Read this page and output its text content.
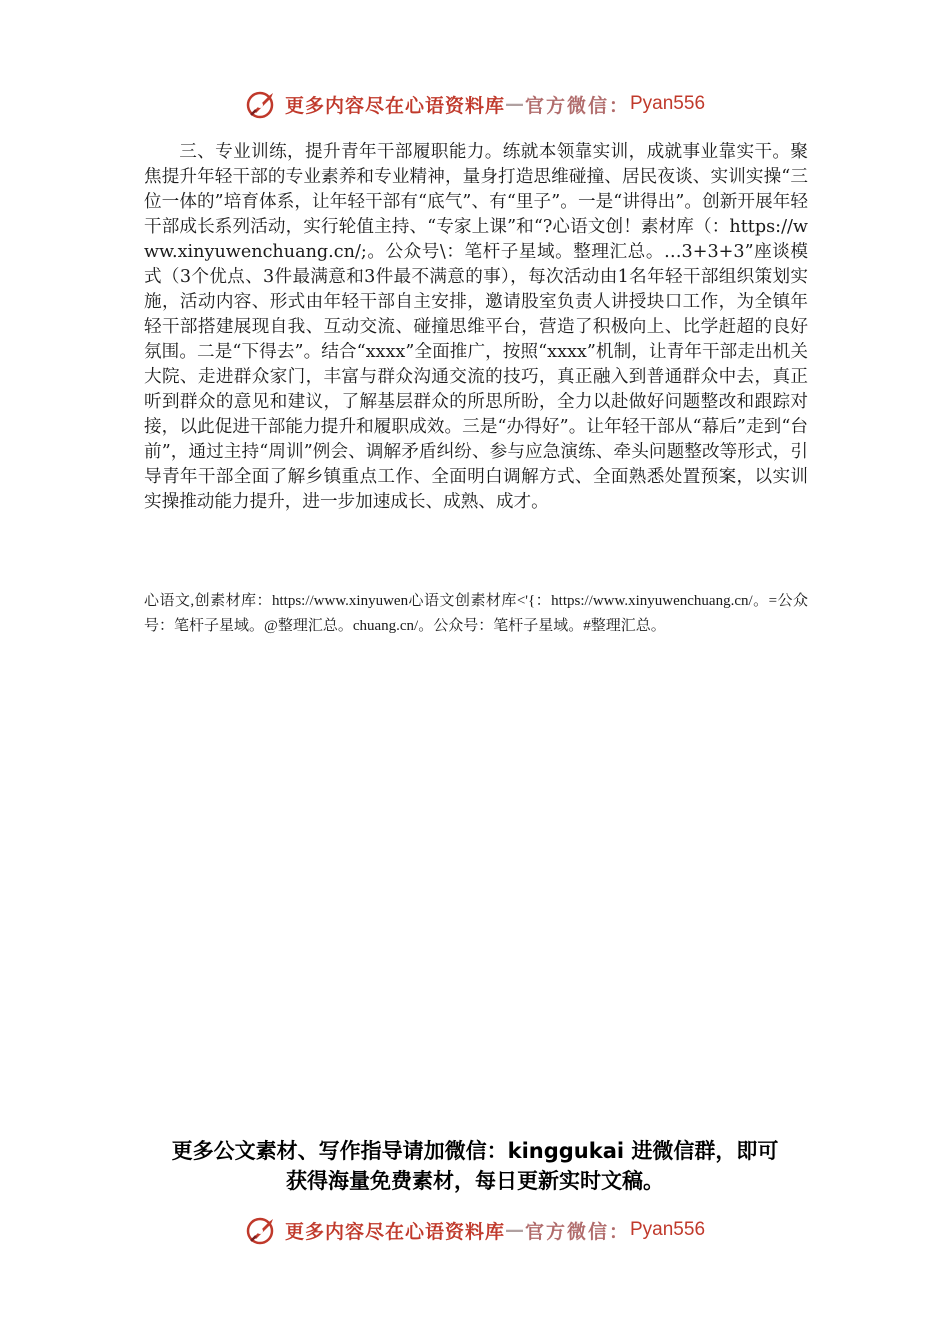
更多内容尽在心语资料库 — 官方微信： Pyan556

三、专业训练，提升青年干部履职能力。练就本领靠实训，成就事业靠实干。聚焦提升年轻干部的专业素养和专业精神，量身打造思维碰撞、居民夜谈、实训实操“三位一体的”培育体系，让年轻干部有“底气”、有“里子”。一是“讲得出”。创新开展年轻干部成长系列活动，实行轮值主持、“专家上课”和“?心语文创！素材库（：https://www.xinyuwenchuang.cn/;。公众号\：笔杆子星域。整理汇总。…3+3+3”座谈模式（3个优点、3件最满意和3件最不满意的事），每次活动由1名年轻干部组织策划实施，活动内容、形式由年轻干部自主安排，邀请股室负责人讲授块口工作，为全镇年轻干部搭建展现自我、互动交流、碰撞思维平台，营造了积极向上、比学赶超的良好氛围。二是“下得去”。结合“xxxx”全面推广，按照“xxxx”机制，让青年干部走出机关大院、走进群众家门，丰富与群众沟通交流的技巧，真正融入到普通群众中去，真正听到群众的意见和建议，了解基层群众的所思所盼，全力以赴做好问题整改和跟踪对接，以此促进干部能力提升和履职成效。三是“办得好”。让年轻干部从“幕后”走到“台前”，通过主持“周训”例会、调解矛盾纠纷、参与应急演练、牵头问题整改等形式，引导青年干部全面了解乡镇重点工作、全面明白调解方式、全面熟悉处置预案，以实训实操推动能力提升，进一步加速成长、成熟、成才。

心语文,创素材库：https://www.xinyuwen心语文创素材库<'{：https://www.xinyuwenchuang.cn/。=公众号：笔杆子星域。@整理汇总。chuang.cn/。公众号：笔杆子星域。#整理汇总。

更多公文素材、写作指导请加微信：kinggukai 进微信群，即可
获得海量免费素材，每日更新实时文稿。
更多内容尽在心语资料库 — 官方微信： Pyan556
